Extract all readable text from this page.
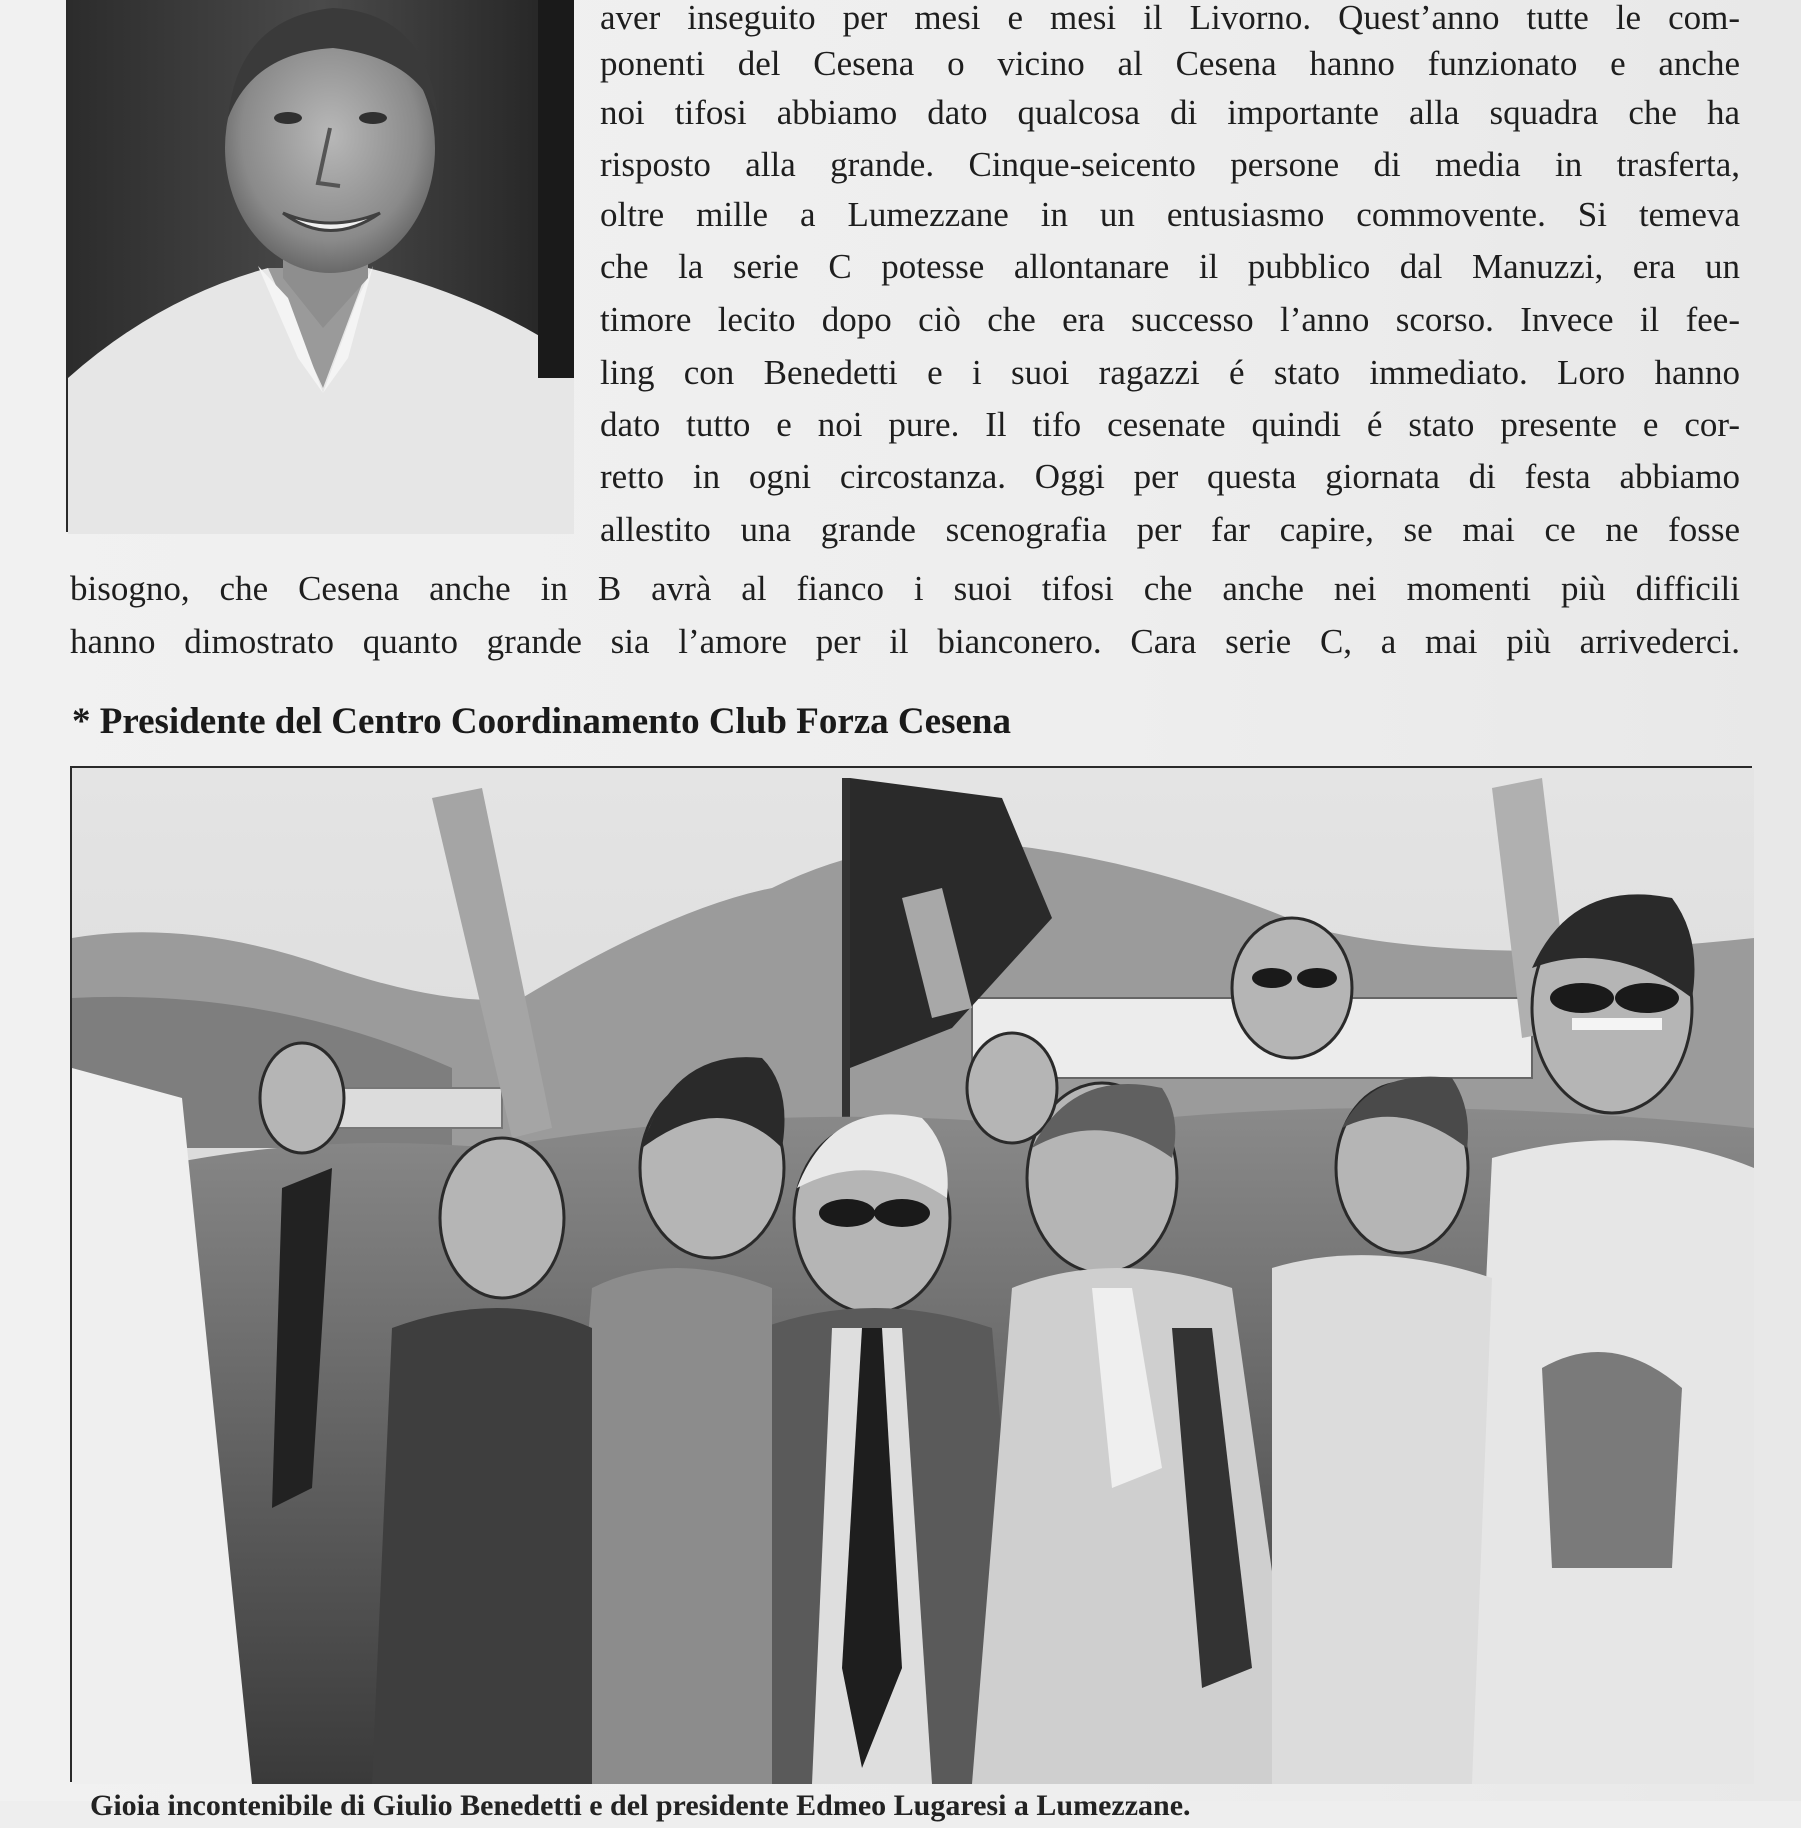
aver inseguito per mesi e mesi il Livorno. Quest’anno tutte le com-
ponenti del Cesena o vicino al Cesena hanno funzionato e anche
noi tifosi abbiamo dato qualcosa di importante alla squadra che ha
risposto alla grande. Cinque-seicento persone di media in trasferta,
oltre mille a Lumezzane in un entusiasmo commovente. Si temeva
che la serie C potesse allontanare il pubblico dal Manuzzi, era un
timore lecito dopo ciò che era successo l’anno scorso. Invece il fee-
ling con Benedetti e i suoi ragazzi é stato immediato. Loro hanno
dato tutto e noi pure. Il tifo cesenate quindi é stato presente e cor-
retto in ogni circostanza. Oggi per questa giornata di festa abbiamo
allestito una grande scenografia per far capire, se mai ce ne fosse
bisogno, che Cesena anche in B avrà al fianco i suoi tifosi che anche nei momenti più difficili
hanno dimostrato quanto grande sia l’amore per il bianconero. Cara serie C, a mai più arrivederci.
* Presidente del Centro Coordinamento Club Forza Cesena
Gioia incontenibile di Giulio Benedetti e del presidente Edmeo Lugaresi a Lumezzane.
